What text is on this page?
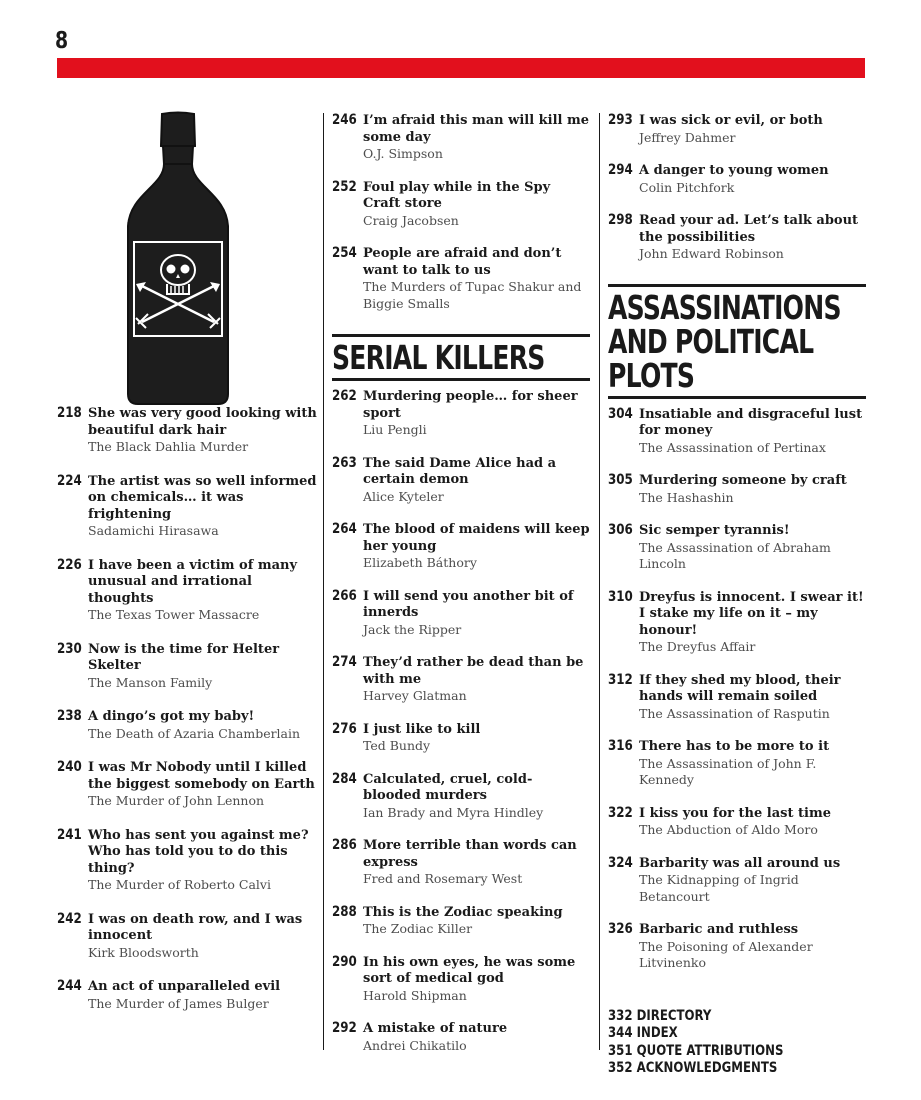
8
218 She was very good looking with beautiful dark hair
The Black Dahlia Murder
224 The artist was so well informed on chemicals… it was frightening
Sadamichi Hirasawa
226 I have been a victim of many unusual and irrational thoughts
The Texas Tower Massacre
230 Now is the time for Helter Skelter
The Manson Family
238 A dingo’s got my baby!
The Death of Azaria Chamberlain
240 I was Mr Nobody until I killed the biggest somebody on Earth
The Murder of John Lennon
241 Who has sent you against me? Who has told you to do this thing?
The Murder of Roberto Calvi
242 I was on death row, and I was innocent
Kirk Bloodsworth
244 An act of unparalleled evil
The Murder of James Bulger
246 I’m afraid this man will kill me some day
O.J. Simpson
252 Foul play while in the Spy Craft store
Craig Jacobsen
254 People are afraid and don’t want to talk to us
The Murders of Tupac Shakur and Biggie Smalls
SERIAL KILLERS
262 Murdering people… for sheer sport
Liu Pengli
263 The said Dame Alice had a certain demon
Alice Kyteler
264 The blood of maidens will keep her young
Elizabeth Báthory
266 I will send you another bit of innerds
Jack the Ripper
274 They’d rather be dead than be with me
Harvey Glatman
276 I just like to kill
Ted Bundy
284 Calculated, cruel, cold-blooded murders
Ian Brady and Myra Hindley
286 More terrible than words can express
Fred and Rosemary West
288 This is the Zodiac speaking
The Zodiac Killer
290 In his own eyes, he was some sort of medical god
Harold Shipman
292 A mistake of nature
Andrei Chikatilo
293 I was sick or evil, or both
Jeffrey Dahmer
294 A danger to young women
Colin Pitchfork
298 Read your ad. Let’s talk about the possibilities
John Edward Robinson
ASSASSINATIONS AND POLITICAL PLOTS
304 Insatiable and disgraceful lust for money
The Assassination of Pertinax
305 Murdering someone by craft
The Hashashin
306 Sic semper tyrannis!
The Assassination of Abraham Lincoln
310 Dreyfus is innocent. I swear it! I stake my life on it – my honour!
The Dreyfus Affair
312 If they shed my blood, their hands will remain soiled
The Assassination of Rasputin
316 There has to be more to it
The Assassination of John F. Kennedy
322 I kiss you for the last time
The Abduction of Aldo Moro
324 Barbarity was all around us
The Kidnapping of Ingrid Betancourt
326 Barbaric and ruthless
The Poisoning of Alexander Litvinenko
332 DIRECTORY
344 INDEX
351 QUOTE ATTRIBUTIONS
352 ACKNOWLEDGMENTS
